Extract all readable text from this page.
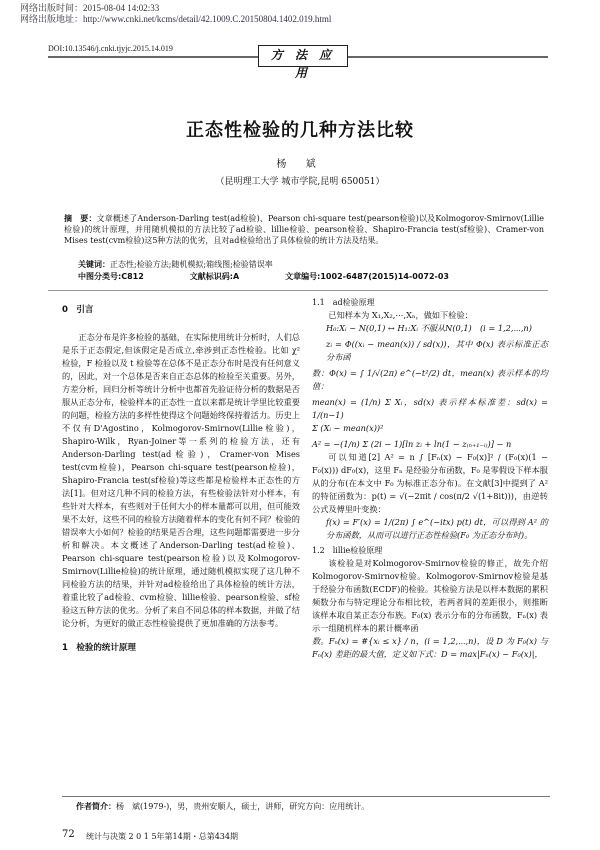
网络出版时间：2015-08-04 14:02:33
网络出版地址：http://www.cnki.net/kcms/detail/42.1009.C.20150804.1402.019.html
DOI:10.13546/j.cnki.tjyjc.2015.14.019	方 法 应 用
正态性检验的几种方法比较
杨 斌
（昆明理工大学 城市学院,昆明 650051）
摘　要：文章概述了Anderson-Darling test(ad检验)、Pearson chi-square test(pearson检验)以及Kolmogorov-Smirnov(Lillie检验)的统计原理，并用随机模拟的方法比较了ad检验、lillie检验、pearson检验、Shapiro-Francia test(sf检验)、Cramer-von Mises test(cvm检验)这5种方法的优劣，且对ad检验给出了具体检验的统计方法及结果。
关键词：正态性;检验方法;随机模拟;箱线图;检验错误率
中图分类号:C812	文献标识码:A	文章编号:1002-6487(2015)14-0072-03
0　引言

正态分布是许多检验的基础，在实际使用统计分析时，人们总是乐于正态假定,但该假定是否成立,牵涉到正态性检验。比如 χ² 检验，F 检验以及 t 检验等在总体不是正态分布时是没有任何意义的，因此，对一个总体是否来自正态总体的检验至关重要。另外，方差分析，回归分析等统计分析中也都首先验证待分析的数据是否服从正态分布，检验样本的正态性一直以来都是统计学里比较重要的问题，检验方法的多样性使得这个问题始终保持着活力。历史上不仅有D'Agostino，Kolmogorov-Smirnov(Lillie检验)，Shapiro-Wilk，Ryan-Joiner等一系列的检验方法，还有Anderson-Darling test(ad检验)，Cramer-von Mises test(cvm检验)，Pearson chi-square test(pearson检验)，Shapiro-Francia test(sf检验)等这些都是检验样本正态性的方法[1]。但对这几种不同的检验方法，有些检验法针对小样本，有些针对大样本，有些则对于任何大小的样本量都可以用，但可能效果不太好，这些不同的检验方法随着样本的变化有何不同？检验的错误率大小如何？检验的结果是否合理，这些问题都需要进一步分析和解决。本文概述了Anderson-Darling test(ad检验)、Pearson chi-square test(pearson检验)以及Kolmogorov-Smirnov(Lillie检验)的统计原理，通过随机模拟实现了这几种不同检验方法的结果，并针对ad检验给出了具体检验的统计方法，着重比较了ad检验、cvm检验、lillie检验、pearson检验、sf检验这五种方法的优劣。分析了来自不同总体的样本数据，并做了结论分析，为更好的做正态性检验提供了更加准确的方法参考。

1　检验的统计原理
1.1　ad检验原理

已知样本为 X₁,X₂,⋯,Xₙ，做如下检验：

H₀:Xᵢ ~ N(0,1) ↔ H₁:Xᵢ 不服从N(0,1)　(i = 1,2,⋯,n)
zᵢ = Φ((xᵢ − mean(x)) / sd(x))，其中 Φ(x) 表示标准正态分布函
数：Φ(x) = ∫ 1/√(2π) e^(−t²/2) dt，mean(x) 表示样本的均值：
mean(x) = (1/n) Σ Xᵢ，sd(x) 表示样本标准差：sd(x) = 1/(n−1)
Σ (Xᵢ − mean(x))²
A² = −(1/n) Σ (2i − 1)[ln zᵢ + ln(1 − z₍ₙ₊₁₋ᵢ₎)] − n

可以知道[2] A² = n ∫ [Fₙ(x) − F₀(x)]² / (F₀(x)(1 − F₀(x))) dF₀(x)，这里 Fₙ 是经验分布函数，F₀ 是零假设下样本服从的分布(在本文中 F₀ 为标准正态分布)。在文献[3]中提到了 A² 的特征函数为：p(t) = √(−2πit / cos(π/2 √(1+8it)))，由逆转公式及傅里叶变换：

f(x) = F′(x) = 1/(2π) ∫ e^(−itx) p(t) dt，可以得到 A² 的分布函数，从而可以进行正态性检验(F₀ 为正态分布时)。
1.2　lillie检验原理

该检验是对Kolmogorov-Smirnov检验的修正，故先介绍Kolmogorov-Smirnov检验。Kolmogorov-Smirnov检验是基于经验分布函数(ECDF)的检验。其检验方法是以样本数据的累积频数分布与特定理论分布相比较，若两者间的差距很小，则推断该样本取自某正态分布族。F₀(x) 表示分布的分布函数，Fₙ(x) 表示一组随机样本的累计概率函

数。Fₙ(x) = #{xᵢ ≤ x} / n，(i = 1,2,⋯,n)，设 D 为 F₀(x) 与 Fₙ(x) 差距的最大值，定义如下式：D = max|Fₙ(x) − F₀(x)|，
作者简介：杨　斌(1979-)，男，贵州安顺人，硕士，讲师，研究方向：应用统计。
72 统计与决策 2 0 1 5年第14期・总第434期
